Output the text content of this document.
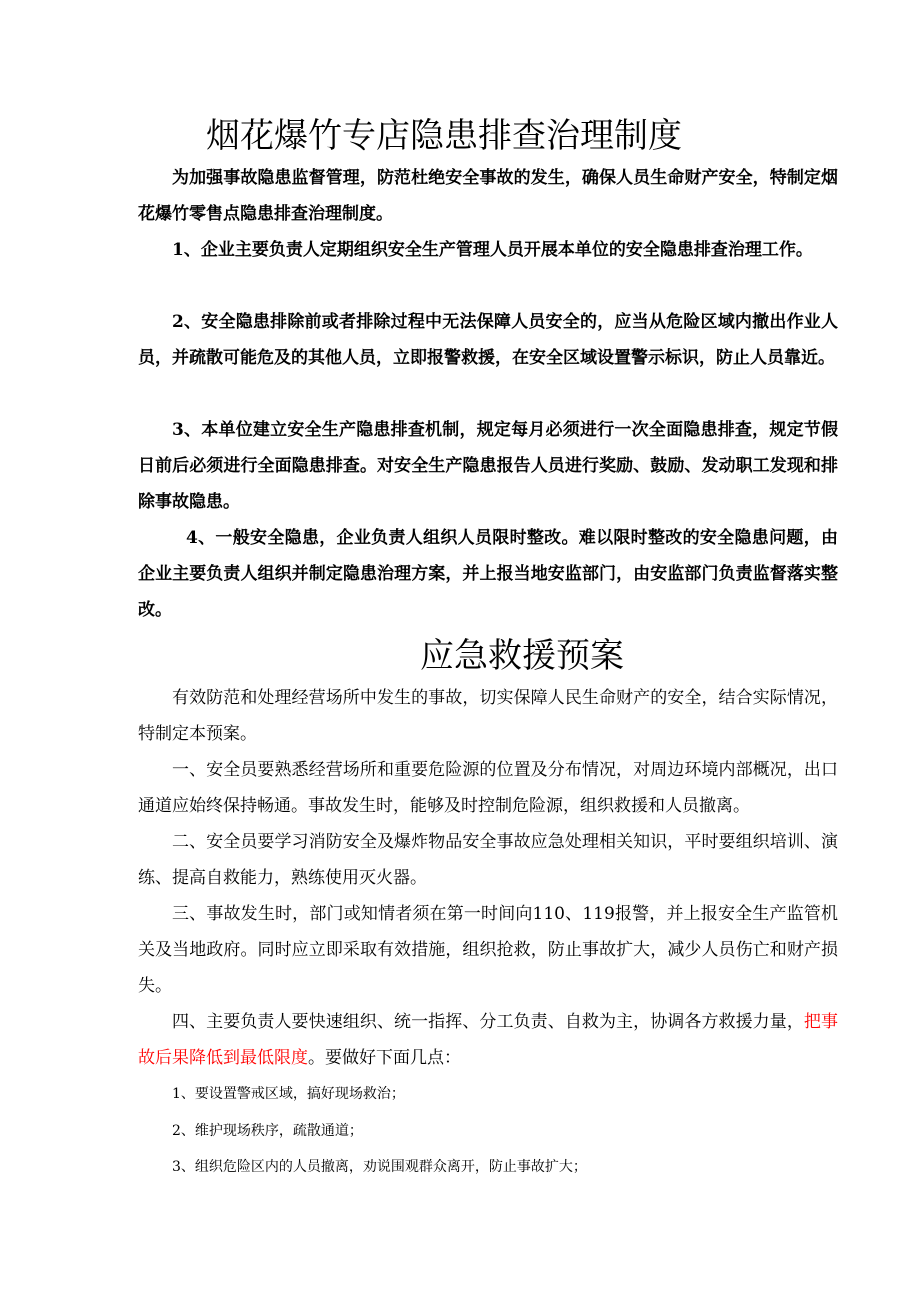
烟花爆竹专店隐患排查治理制度

为加强事故隐患监督管理，防范杜绝安全事故的发生，确保人员生命财产安全，特制定烟花爆竹零售点隐患排查治理制度。

1、企业主要负责人定期组织安全生产管理人员开展本单位的安全隐患排查治理工作。

2、安全隐患排除前或者排除过程中无法保障人员安全的，应当从危险区域内撤出作业人员，并疏散可能危及的其他人员，立即报警救援，在安全区域设置警示标识，防止人员靠近。

3、本单位建立安全生产隐患排查机制，规定每月必须进行一次全面隐患排查，规定节假日前后必须进行全面隐患排查。对安全生产隐患报告人员进行奖励、鼓励、发动职工发现和排除事故隐患。

4、一般安全隐患，企业负责人组织人员限时整改。难以限时整改的安全隐患问题，由企业主要负责人组织并制定隐患治理方案，并上报当地安监部门，由安监部门负责监督落实整改。

应急救援预案

有效防范和处理经营场所中发生的事故，切实保障人民生命财产的安全，结合实际情况，特制定本预案。

一、安全员要熟悉经营场所和重要危险源的位置及分布情况，对周边环境内部概况，出口通道应始终保持畅通。事故发生时，能够及时控制危险源，组织救援和人员撤离。

二、安全员要学习消防安全及爆炸物品安全事故应急处理相关知识，平时要组织培训、演练、提高自救能力，熟练使用灭火器。

三、事故发生时，部门或知情者须在第一时间向110、119报警，并上报安全生产监管机关及当地政府。同时应立即采取有效措施，组织抢救，防止事故扩大，减少人员伤亡和财产损失。

四、主要负责人要快速组织、统一指挥、分工负责、自救为主，协调各方救援力量，把事故后果降低到最低限度。要做好下面几点：

1、要设置警戒区域，搞好现场救治；

2、维护现场秩序，疏散通道；

3、组织危险区内的人员撤离，劝说围观群众离开，防止事故扩大；
